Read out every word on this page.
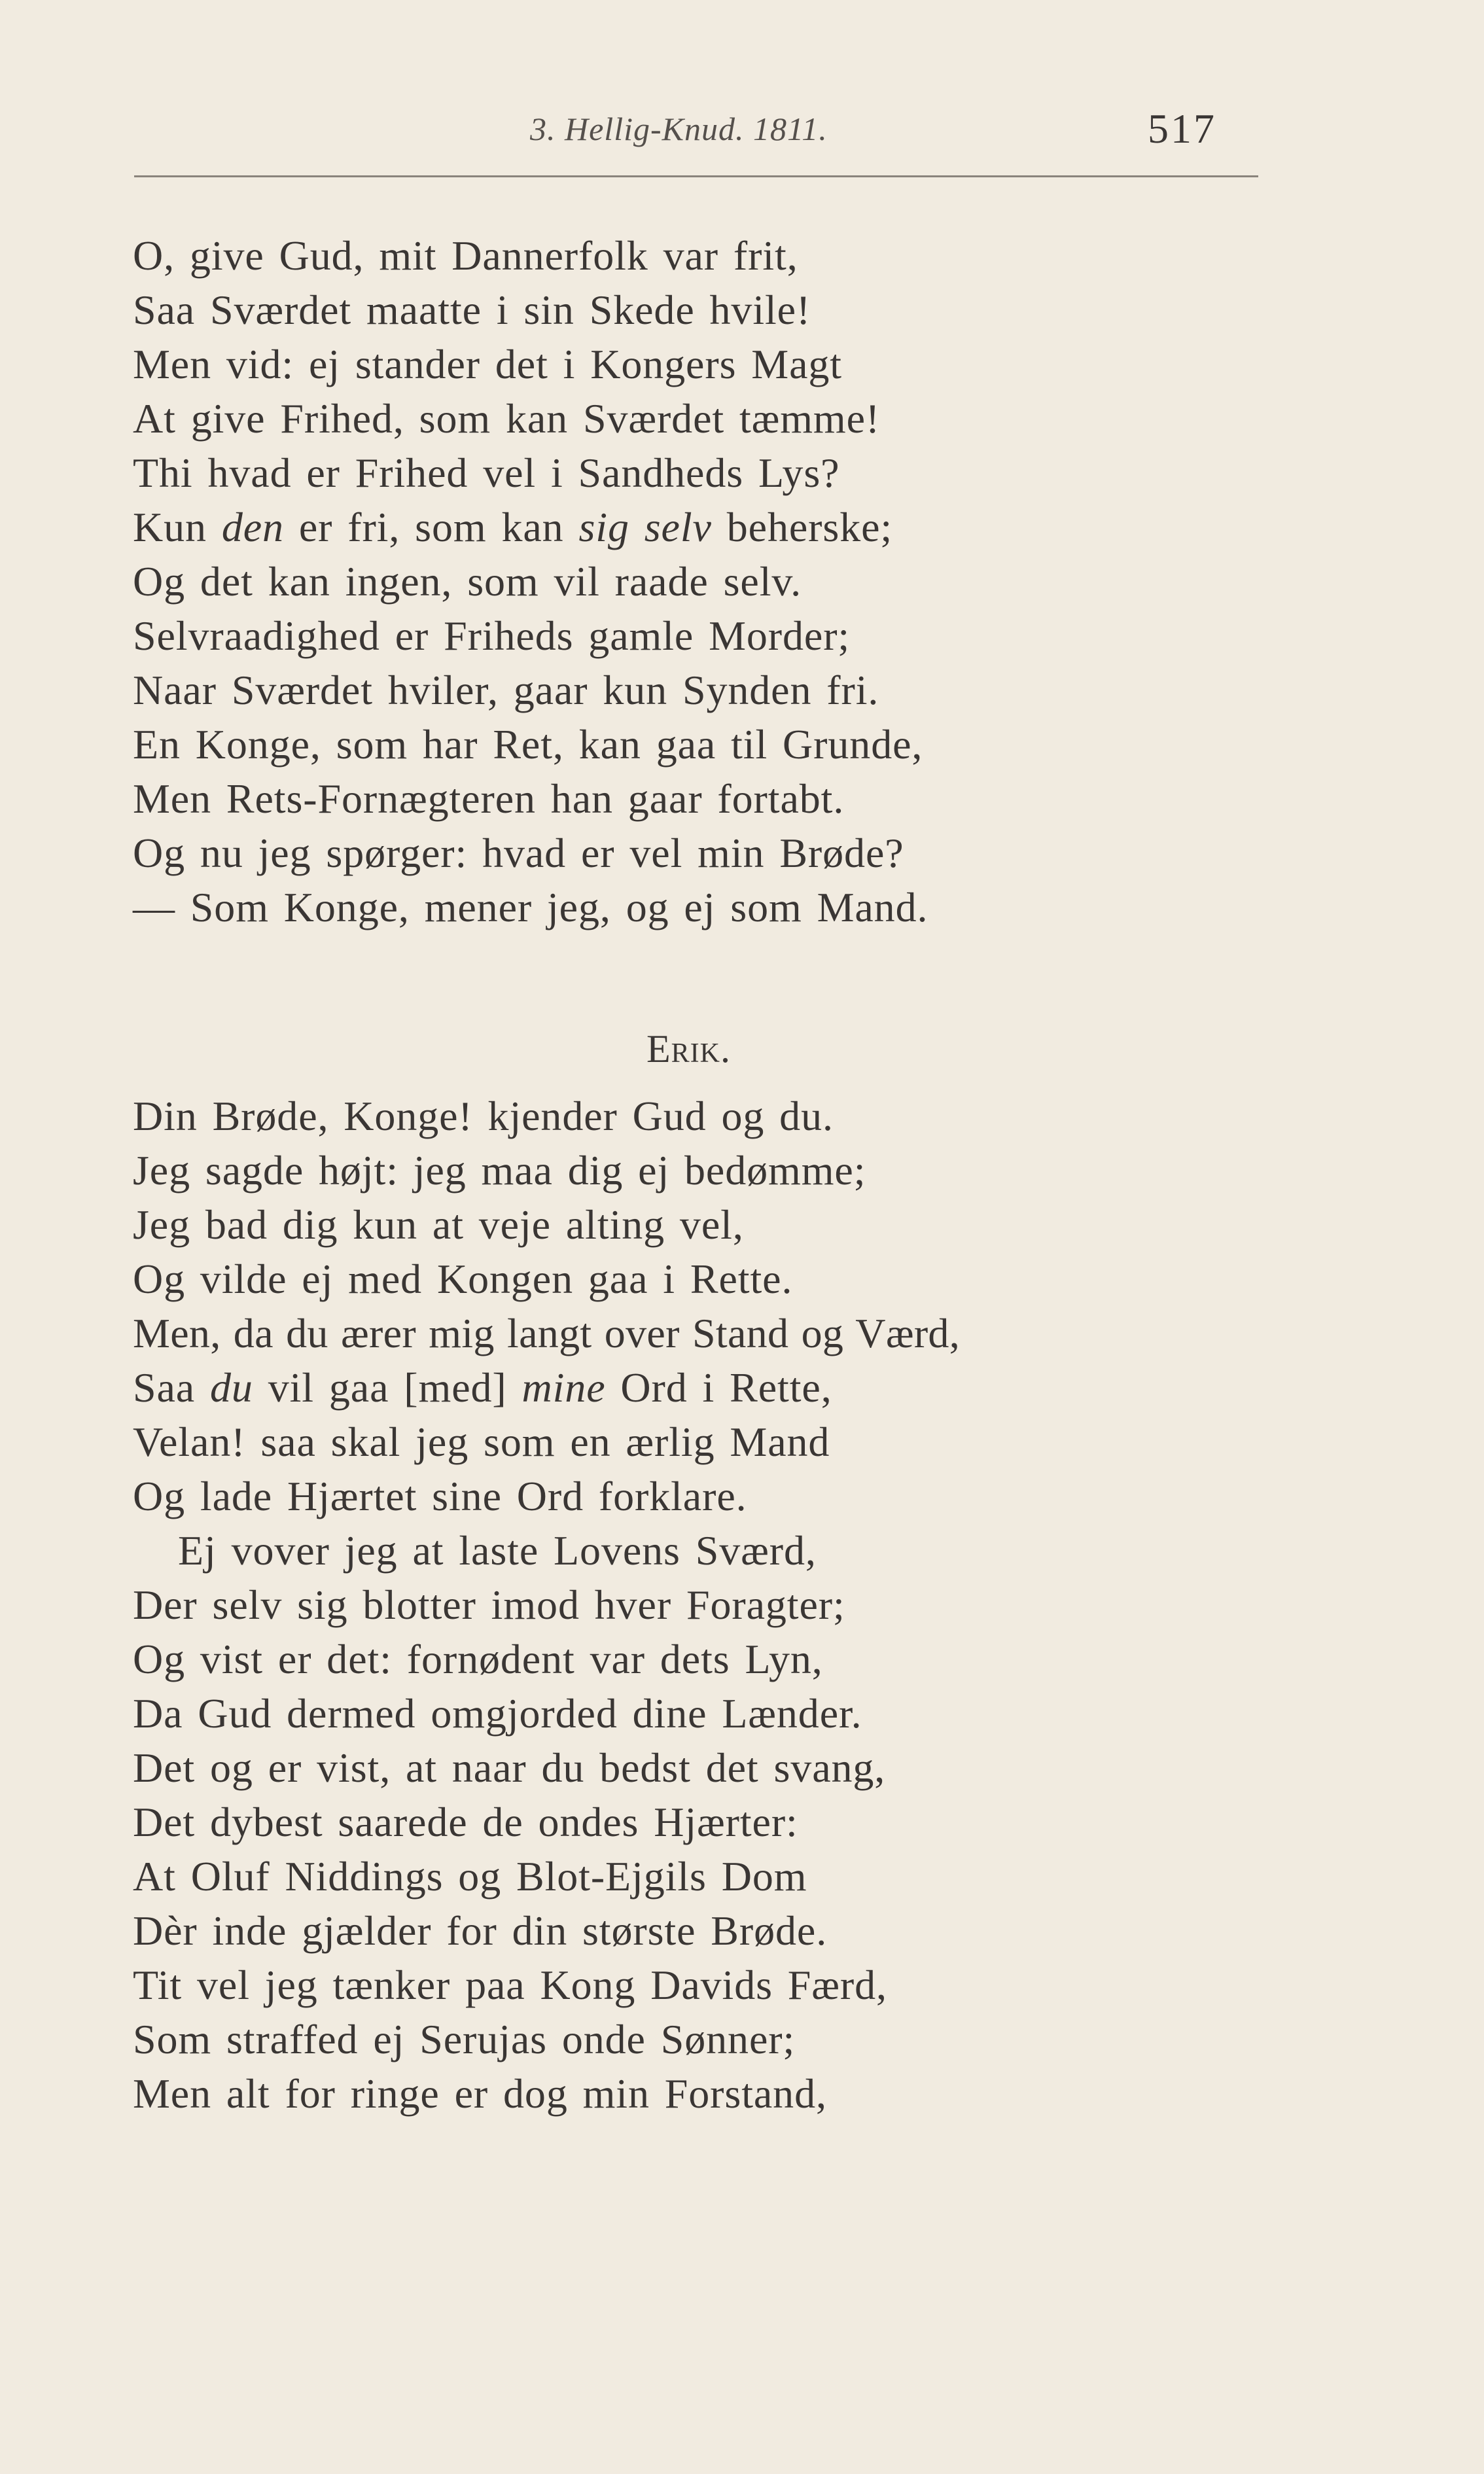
3. Hellig-Knud. 1811.	517
O, give Gud, mit Dannerfolk var frit,
Saa Sværdet maatte i sin Skede hvile!
Men vid: ej stander det i Kongers Magt
At give Frihed, som kan Sværdet tæmme!
Thi hvad er Frihed vel i Sandheds Lys?
Kun den er fri, som kan sig selv beherske;
Og det kan ingen, som vil raade selv.
Selvraadighed er Friheds gamle Morder;
Naar Sværdet hviler, gaar kun Synden fri.
En Konge, som har Ret, kan gaa til Grunde,
Men Rets-Fornægteren han gaar fortabt.
Og nu jeg spørger: hvad er vel min Brøde?
— Som Konge, mener jeg, og ej som Mand.
Erik.
Din Brøde, Konge! kjender Gud og du.
Jeg sagde højt: jeg maa dig ej bedømme;
Jeg bad dig kun at veje alting vel,
Og vilde ej med Kongen gaa i Rette.
Men, da du ærer mig langt over Stand og Værd,
Saa du vil gaa [med] mine Ord i Rette,
Velan! saa skal jeg som en ærlig Mand
Og lade Hjærtet sine Ord forklare.
Ej vover jeg at laste Lovens Sværd,
Der selv sig blotter imod hver Foragter;
Og vist er det: fornødent var dets Lyn,
Da Gud dermed omgjorded dine Lænder.
Det og er vist, at naar du bedst det svang,
Det dybest saarede de ondes Hjærter:
At Oluf Niddings og Blot-Ejgils Dom
Dèr inde gjælder for din største Brøde.
Tit vel jeg tænker paa Kong Davids Færd,
Som straffed ej Serujas onde Sønner;
Men alt for ringe er dog min Forstand,
